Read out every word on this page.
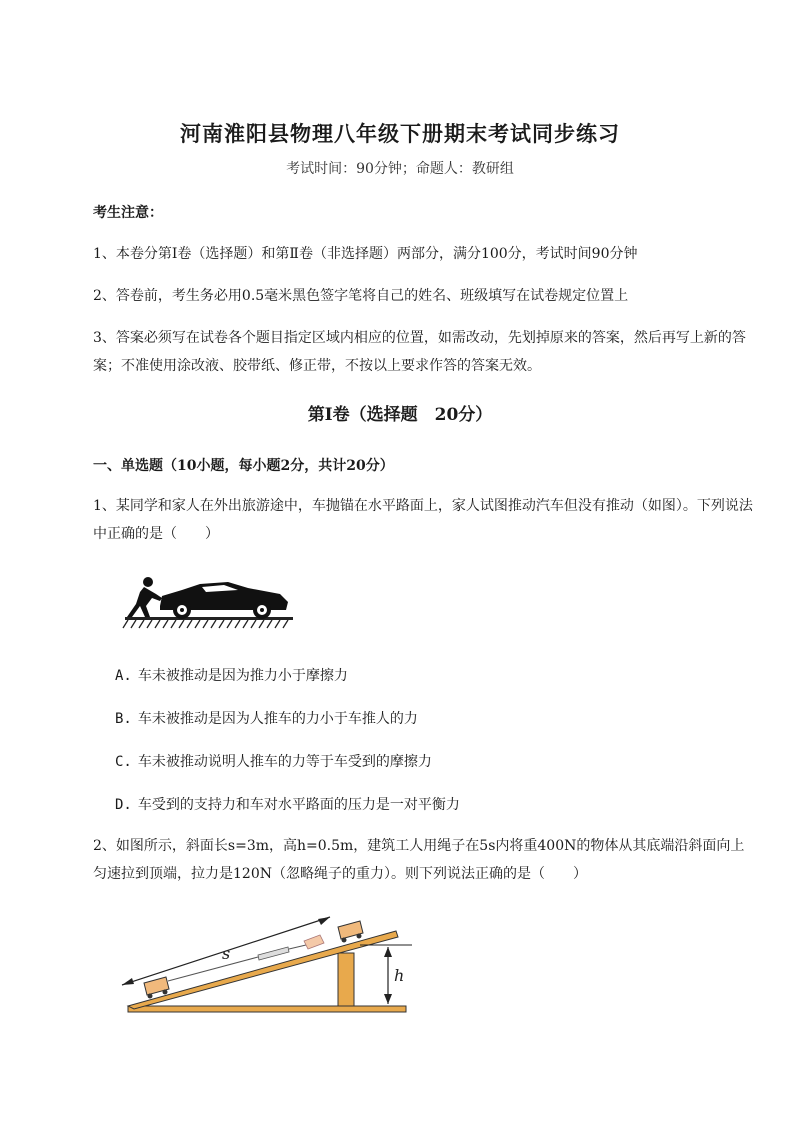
河南淮阳县物理八年级下册期末考试同步练习
考试时间：90分钟；命题人：教研组
考生注意：
1、本卷分第I卷（选择题）和第Ⅱ卷（非选择题）两部分，满分100分，考试时间90分钟
2、答卷前，考生务必用0.5毫米黑色签字笔将自己的姓名、班级填写在试卷规定位置上
3、答案必须写在试卷各个题目指定区域内相应的位置，如需改动，先划掉原来的答案，然后再写上新的答案；不准使用涂改液、胶带纸、修正带，不按以上要求作答的答案无效。
第I卷（选择题　20分）
一、单选题（10小题，每小题2分，共计20分）
1、某同学和家人在外出旅游途中，车抛锚在水平路面上，家人试图推动汽车但没有推动（如图）。下列说法中正确的是（　　）
A. 车未被推动是因为推力小于摩擦力
B. 车未被推动是因为人推车的力小于车推人的力
C. 车未被推动说明人推车的力等于车受到的摩擦力
D. 车受到的支持力和车对水平路面的压力是一对平衡力
2、如图所示，斜面长s=3m，高h=0.5m，建筑工人用绳子在5s内将重400N的物体从其底端沿斜面向上匀速拉到顶端，拉力是120N（忽略绳子的重力）。则下列说法正确的是（　　）
s
h
